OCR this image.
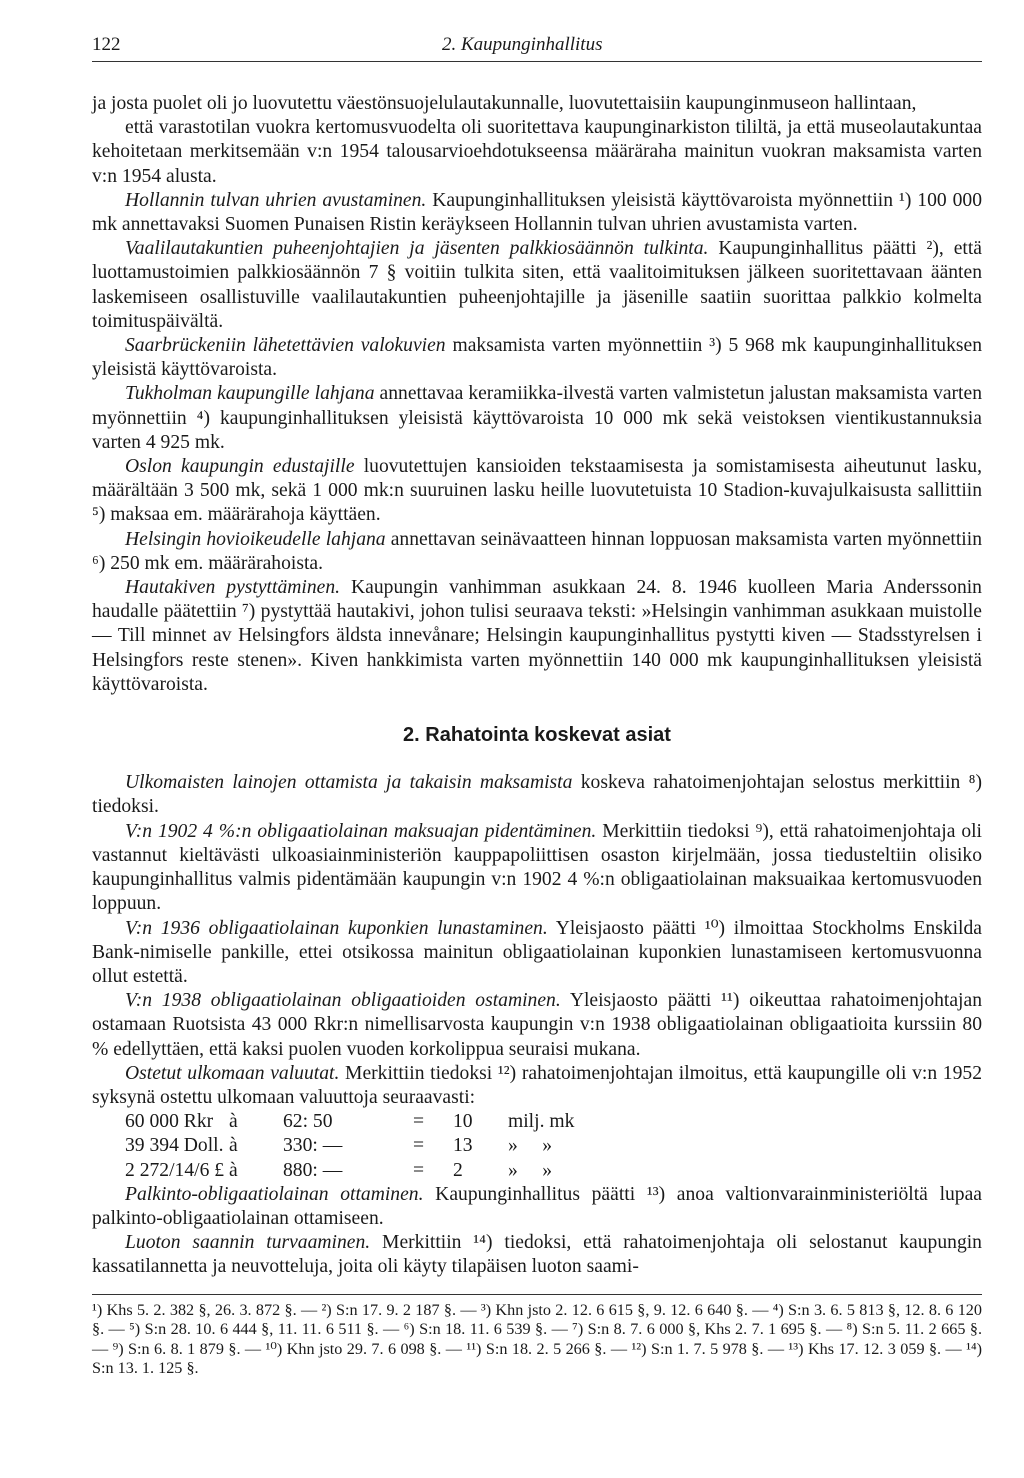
122	2. Kaupunginhallitus

ja josta puolet oli jo luovutettu väestönsuojelulautakunnalle, luovutettaisiin kaupunginmuseon hallintaan,

että varastotilan vuokra kertomusvuodelta oli suoritettava kaupunginarkiston tililtä, ja että museolautakuntaa kehoitetaan merkitsemään v:n 1954 talousarvioehdotukseensa määräraha mainitun vuokran maksamista varten v:n 1954 alusta.

Hollannin tulvan uhrien avustaminen. Kaupunginhallituksen yleisistä käyttövaroista myönnettiin ¹) 100 000 mk annettavaksi Suomen Punaisen Ristin keräykseen Hollannin tulvan uhrien avustamista varten.

Vaalilautakuntien puheenjohtajien ja jäsenten palkkiosäännön tulkinta. Kaupunginhallitus päätti ²), että luottamustoimien palkkiosäännön 7 § voitiin tulkita siten, että vaalitoimituksen jälkeen suoritettavaan äänten laskemiseen osallistuville vaalilautakuntien puheenjohtajille ja jäsenille saatiin suorittaa palkkio kolmelta toimituspäivältä.

Saarbrückeniin lähetettävien valokuvien maksamista varten myönnettiin ³) 5 968 mk kaupunginhallituksen yleisistä käyttövaroista.

Tukholman kaupungille lahjana annettavaa keramiikka-ilvestä varten valmistetun jalustan maksamista varten myönnettiin ⁴) kaupunginhallituksen yleisistä käyttövaroista 10 000 mk sekä veistoksen vientikustannuksia varten 4 925 mk.

Oslon kaupungin edustajille luovutettujen kansioiden tekstaamisesta ja somistamisesta aiheutunut lasku, määrältään 3 500 mk, sekä 1 000 mk:n suuruinen lasku heille luovutetuista 10 Stadion-kuvajulkaisusta sallittiin ⁵) maksaa em. määrärahoja käyttäen.

Helsingin hovioikeudelle lahjana annettavan seinävaatteen hinnan loppuosan maksamista varten myönnettiin ⁶) 250 mk em. määrärahoista.

Hautakiven pystyttäminen. Kaupungin vanhimman asukkaan 24. 8. 1946 kuolleen Maria Anderssonin haudalle päätettiin ⁷) pystyttää hautakivi, johon tulisi seuraava teksti: »Helsingin vanhimman asukkaan muistolle — Till minnet av Helsingfors äldsta innevånare; Helsingin kaupunginhallitus pystytti kiven — Stadsstyrelsen i Helsingfors reste stenen». Kiven hankkimista varten myönnettiin 140 000 mk kaupunginhallituksen yleisistä käyttövaroista.

2. Rahatointa koskevat asiat

Ulkomaisten lainojen ottamista ja takaisin maksamista koskeva rahatoimenjohtajan selostus merkittiin ⁸) tiedoksi.

V:n 1902 4 %:n obligaatiolainan maksuajan pidentäminen. Merkittiin tiedoksi ⁹), että rahatoimenjohtaja oli vastannut kieltävästi ulkoasiainministeriön kauppapoliittisen osaston kirjelmään, jossa tiedusteltiin olisiko kaupunginhallitus valmis pidentämään kaupungin v:n 1902 4 %:n obligaatiolainan maksuaikaa kertomusvuoden loppuun.

V:n 1936 obligaatiolainan kuponkien lunastaminen. Yleisjaosto päätti ¹⁰) ilmoittaa Stockholms Enskilda Bank-nimiselle pankille, ettei otsikossa mainitun obligaatiolainan kuponkien lunastamiseen kertomusvuonna ollut estettä.

V:n 1938 obligaatiolainan obligaatioiden ostaminen. Yleisjaosto päätti ¹¹) oikeuttaa rahatoimenjohtajan ostamaan Ruotsista 43 000 Rkr:n nimellisarvosta kaupungin v:n 1938 obligaatiolainan obligaatioita kurssiin 80 % edellyttäen, että kaksi puolen vuoden korkolippua seuraisi mukana.

Ostetut ulkomaan valuutat. Merkittiin tiedoksi ¹²) rahatoimenjohtajan ilmoitus, että kaupungille oli v:n 1952 syksynä ostettu ulkomaan valuuttoja seuraavasti:

60 000 Rkr à	62: 50	=	10	milj. mk
39 394 Doll. à	330: —	=	13	»     »
2 272/14/6 £ à	880: —	=	2	»     »

Palkinto-obligaatiolainan ottaminen. Kaupunginhallitus päätti ¹³) anoa valtionvarainministeriöltä lupaa palkinto-obligaatiolainan ottamiseen.

Luoton saannin turvaaminen. Merkittiin ¹⁴) tiedoksi, että rahatoimenjohtaja oli selostanut kaupungin kassatilannetta ja neuvotteluja, joita oli käyty tilapäisen luoton saami-

¹) Khs 5. 2. 382 §, 26. 3. 872 §. — ²) S:n 17. 9. 2 187 §. — ³) Khn jsto 2. 12. 6 615 §, 9. 12. 6 640 §. — ⁴) S:n 3. 6. 5 813 §, 12. 8. 6 120 §. — ⁵) S:n 28. 10. 6 444 §, 11. 11. 6 511 §. — ⁶) S:n 18. 11. 6 539 §. — ⁷) S:n 8. 7. 6 000 §, Khs 2. 7. 1 695 §. — ⁸) S:n 5. 11. 2 665 §. — ⁹) S:n 6. 8. 1 879 §. — ¹⁰) Khn jsto 29. 7. 6 098 §. — ¹¹) S:n 18. 2. 5 266 §. — ¹²) S:n 1. 7. 5 978 §. — ¹³) Khs 17. 12. 3 059 §. — ¹⁴) S:n 13. 1. 125 §.
